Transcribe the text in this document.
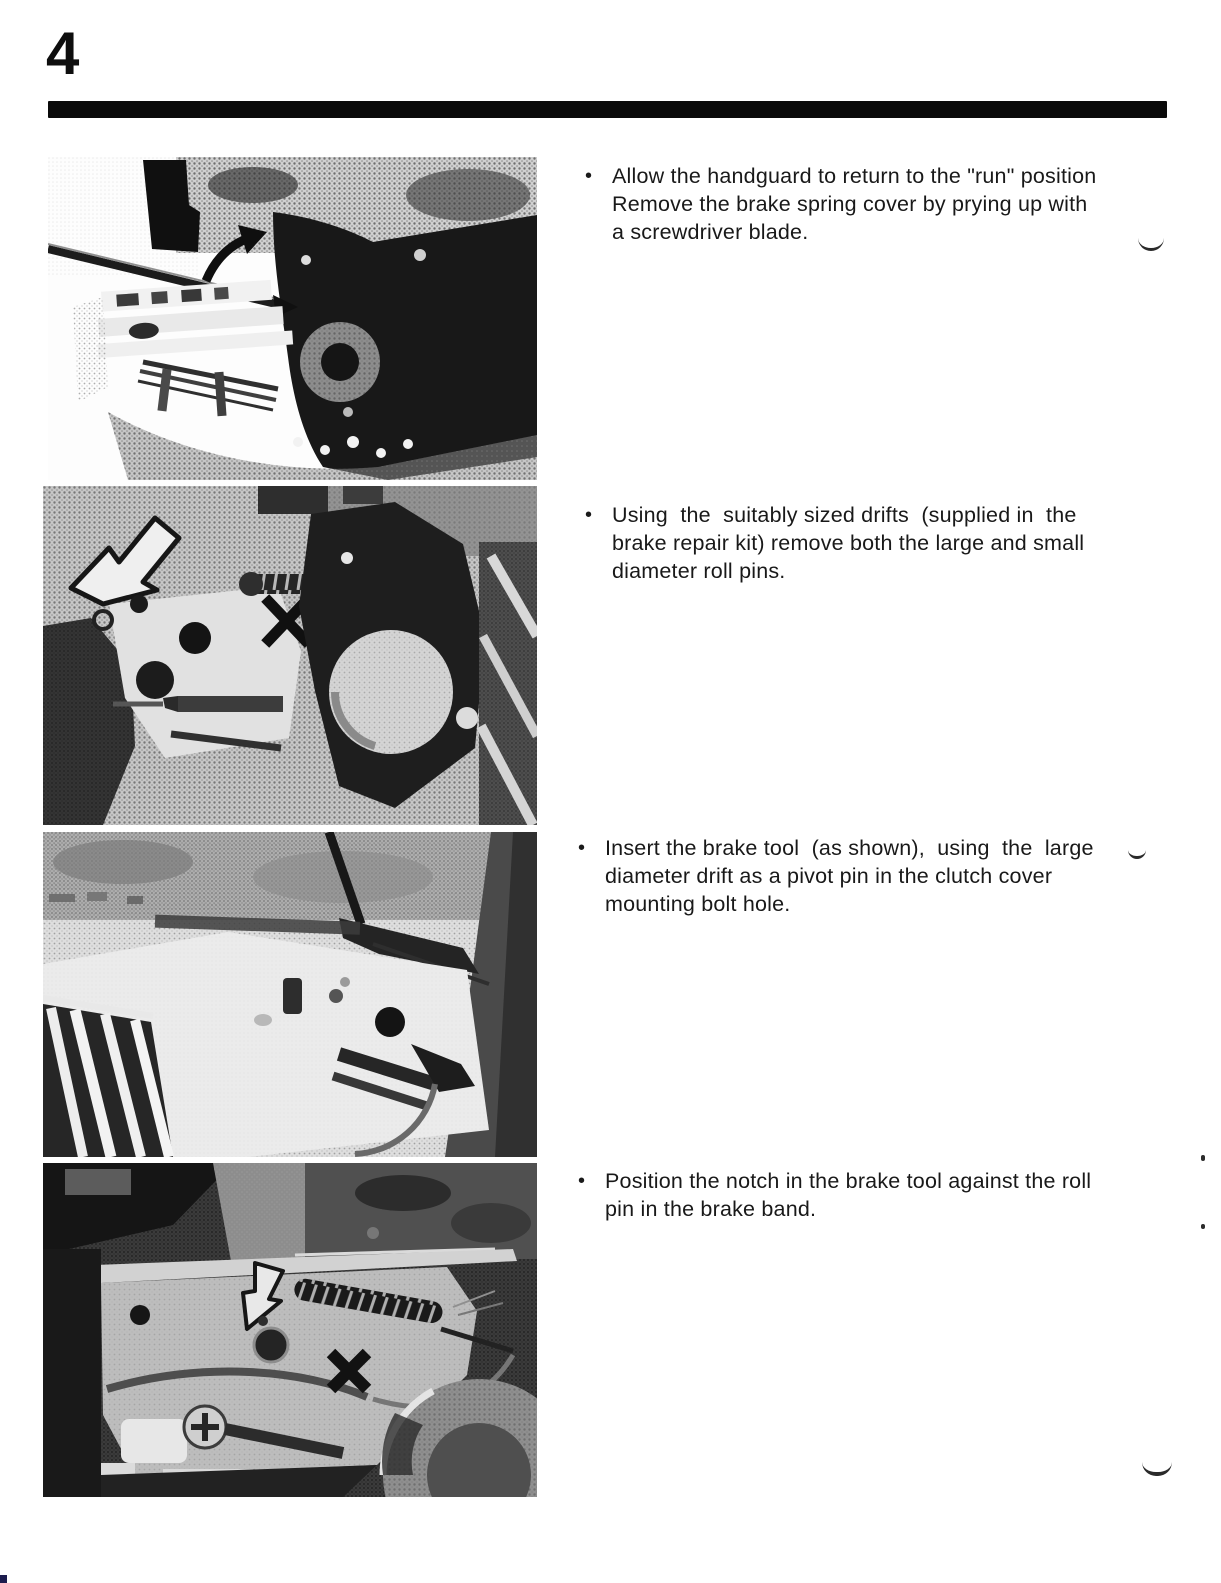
4
• Allow the handguard to return to the "run" position
Remove the brake spring cover by prying up with
a screwdriver blade.
• Using  the  suitably sized drifts  (supplied in  the
brake repair kit) remove both the large and small
diameter roll pins.
• Insert the brake tool  (as shown),  using  the  large
diameter drift as a pivot pin in the clutch cover
mounting bolt hole.
• Position the notch in the brake tool against the roll
pin in the brake band.
